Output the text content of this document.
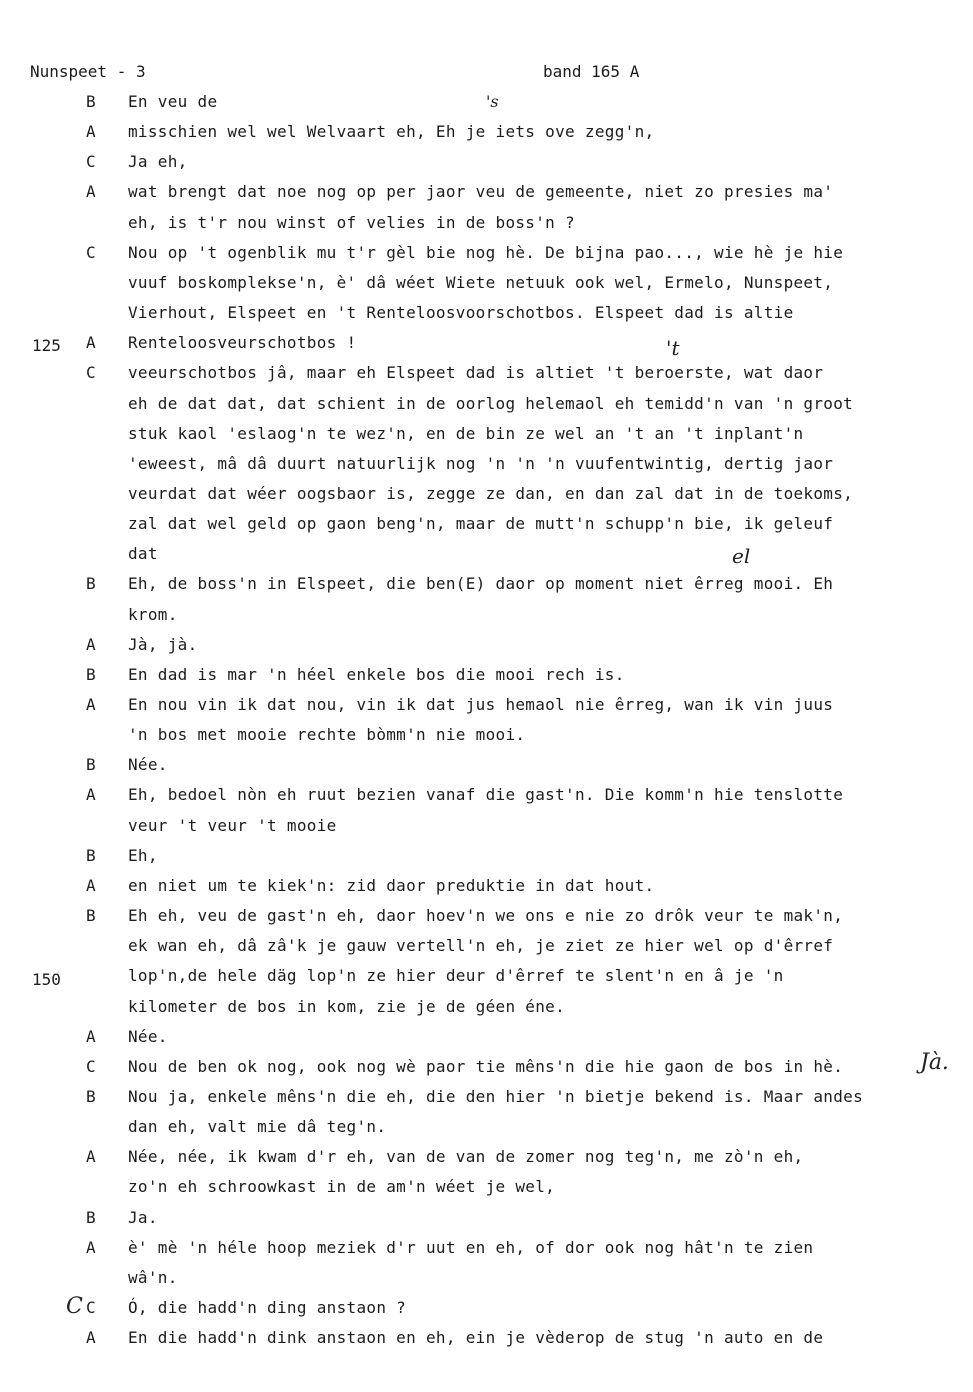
Nunspeet - 3	band 165 A
125
150
's
't
el
Jà.
C
B En veu de
A misschien wel wel Welvaart eh, Eh je iets ove zegg'n,
C Ja eh,
A wat brengt dat noe nog op per jaor veu de gemeente, niet zo presies ma'
eh, is t'r nou winst of velies in de boss'n ?
C Nou op 't ogenblik mu t'r gèl bie nog hè. De bijna pao..., wie hè je hie
vuuf boskomplekse'n, è' dâ wéet Wiete netuuk ook wel, Ermelo, Nunspeet,
Vierhout, Elspeet en 't Renteloosvoorschotbos. Elspeet dad is altie
A Renteloosveurschotbos !
C veeurschotbos jâ, maar eh Elspeet dad is altiet 't beroerste, wat daor
eh de dat dat, dat schient in de oorlog helemaol eh temidd'n van 'n groot
stuk kaol 'eslaog'n te wez'n, en de bin ze wel an 't an 't inplant'n
'eweest, mâ dâ duurt natuurlijk nog 'n 'n 'n vuufentwintig, dertig jaor
veurdat dat wéer oogsbaor is, zegge ze dan, en dan zal dat in de toekoms,
zal dat wel geld op gaon beng'n, maar de mutt'n schupp'n bie, ik geleuf
dat
B Eh, de boss'n in Elspeet, die ben(E) daor op moment niet êrreg mooi. Eh
krom.
A Jà, jà.
B En dad is mar 'n héel enkele bos die mooi rech is.
A En nou vin ik dat nou, vin ik dat jus hemaol nie êrreg, wan ik vin juus
'n bos met mooie rechte bòmm'n nie mooi.
B Née.
A Eh, bedoel nòn eh ruut bezien vanaf die gast'n. Die komm'n hie tenslotte
veur 't veur 't mooie
B Eh,
A en niet um te kiek'n: zid daor preduktie in dat hout.
B Eh eh, veu de gast'n eh, daor hoev'n we ons e nie zo drôk veur te mak'n,
ek wan eh, dâ zâ'k je gauw vertell'n eh, je ziet ze hier wel op d'êrref
lop'n,de hele däg lop'n ze hier deur d'êrref te slent'n en â je 'n
kilometer de bos in kom, zie je de géen éne.
A Née.
C Nou de ben ok nog, ook nog wè paor tie mêns'n die hie gaon de bos in hè.
B Nou ja, enkele mêns'n die eh, die den hier 'n bietje bekend is. Maar andes
dan eh, valt mie dâ teg'n.
A Née, née, ik kwam d'r eh, van de van de zomer nog teg'n, me zò'n eh,
zo'n eh schroowkast in de am'n wéet je wel,
B Ja.
A è' mè 'n héle hoop meziek d'r uut en eh, of dor ook nog hât'n te zien
wâ'n.
C Ó, die hadd'n ding anstaon ?
A En die hadd'n dink anstaon en eh, ein je vèderop de stug 'n auto en de
